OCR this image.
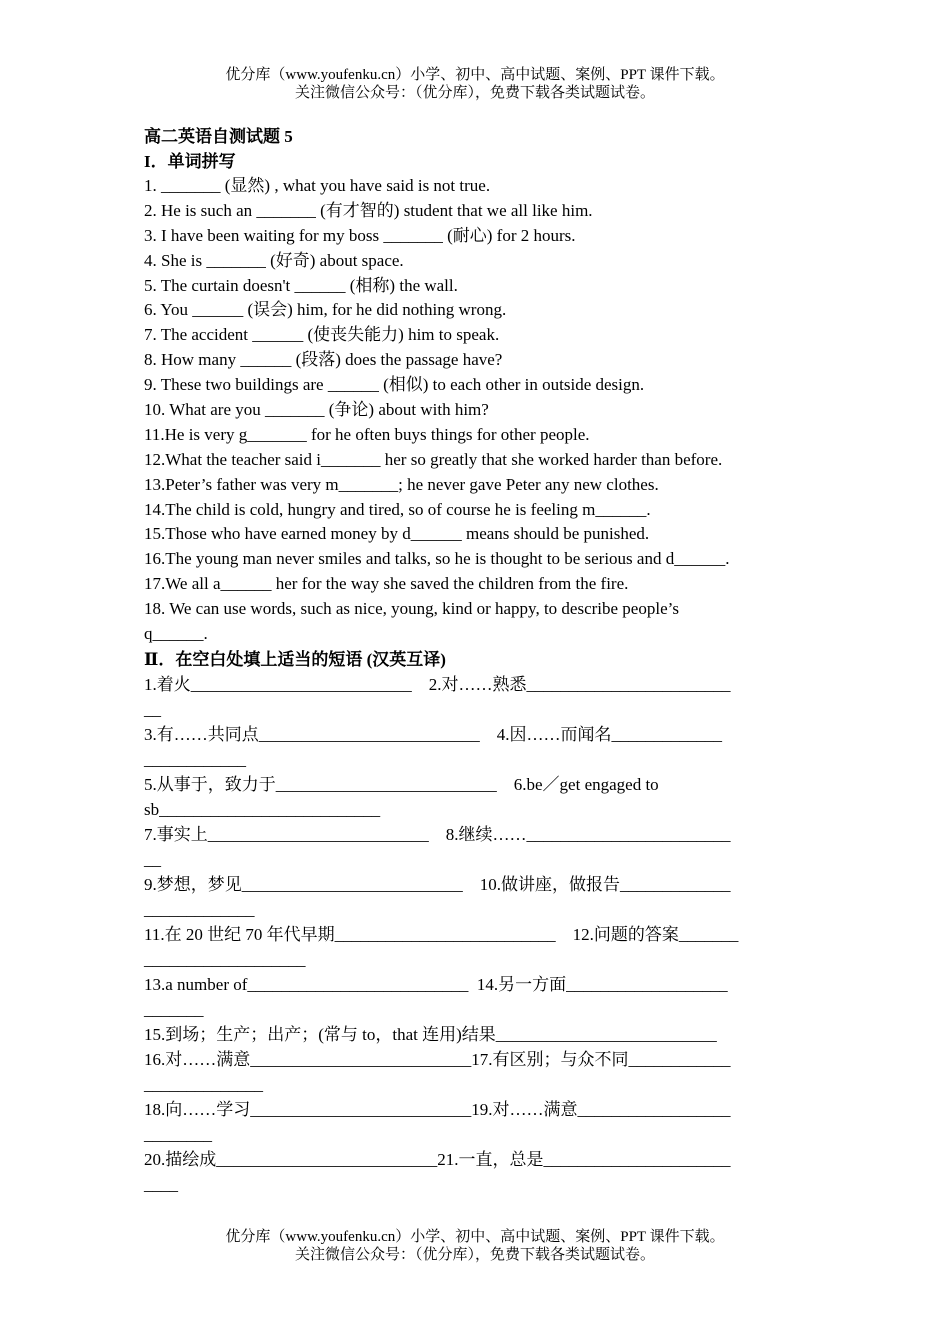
优分库（www.youfenku.cn）小学、初中、高中试题、案例、PPT 课件下载。
关注微信公众号：（优分库），免费下载各类试题试卷。
高二英语自测试题 5
I．单词拼写
1. _______ (显然) , what you have said is not true.
2. He is such an _______ (有才智的) student that we all like him.
3. I have been waiting for my boss _______ (耐心) for 2 hours.
4. She is _______ (好奇) about space.
5. The curtain doesn't ______ (相称) the wall.
6. You ______ (误会) him, for he did nothing wrong.
7. The accident ______ (使丧失能力) him to speak.
8. How many ______ (段落) does the passage have?
9. These two buildings are ______ (相似) to each other in outside design.
10. What are you _______ (争论) about with him?
11.He is very g_______ for he often buys things for other people.
12.What the teacher said i_______ her so greatly that she worked harder than before.
13.Peter’s father was very m_______; he never gave Peter any new clothes.
14.The child is cold, hungry and tired, so of course he is feeling m______.
15.Those who have earned money by d______ means should be punished.
16.The young man never smiles and talks, so he is thought to be serious and d______.
17.We all a______ her for the way she saved the children from the fire.
18. We can use words, such as nice, young, kind or happy, to describe people’s
q______.
Ⅱ．在空白处填上适当的短语 (汉英互译)
1.着火__________________________    2.对……熟悉________________________
__
3.有……共同点__________________________    4.因……而闻名_____________
____________
5.从事于，致力于__________________________    6.be／get engaged to
sb__________________________
7.事实上__________________________    8.继续……________________________
__
9.梦想，梦见__________________________    10.做讲座，做报告_____________
_____________
11.在 20 世纪 70 年代早期__________________________    12.问题的答案_______
___________________
13.a number of__________________________  14.另一方面___________________
_______
15.到场；生产；出产；(常与 to，that 连用)结果__________________________
16.对……满意__________________________17.有区别；与众不同____________
______________
18.向……学习__________________________19.对……满意__________________
________
20.描绘成__________________________21.一直，总是______________________
____
优分库（www.youfenku.cn）小学、初中、高中试题、案例、PPT 课件下载。
关注微信公众号：（优分库），免费下载各类试题试卷。
